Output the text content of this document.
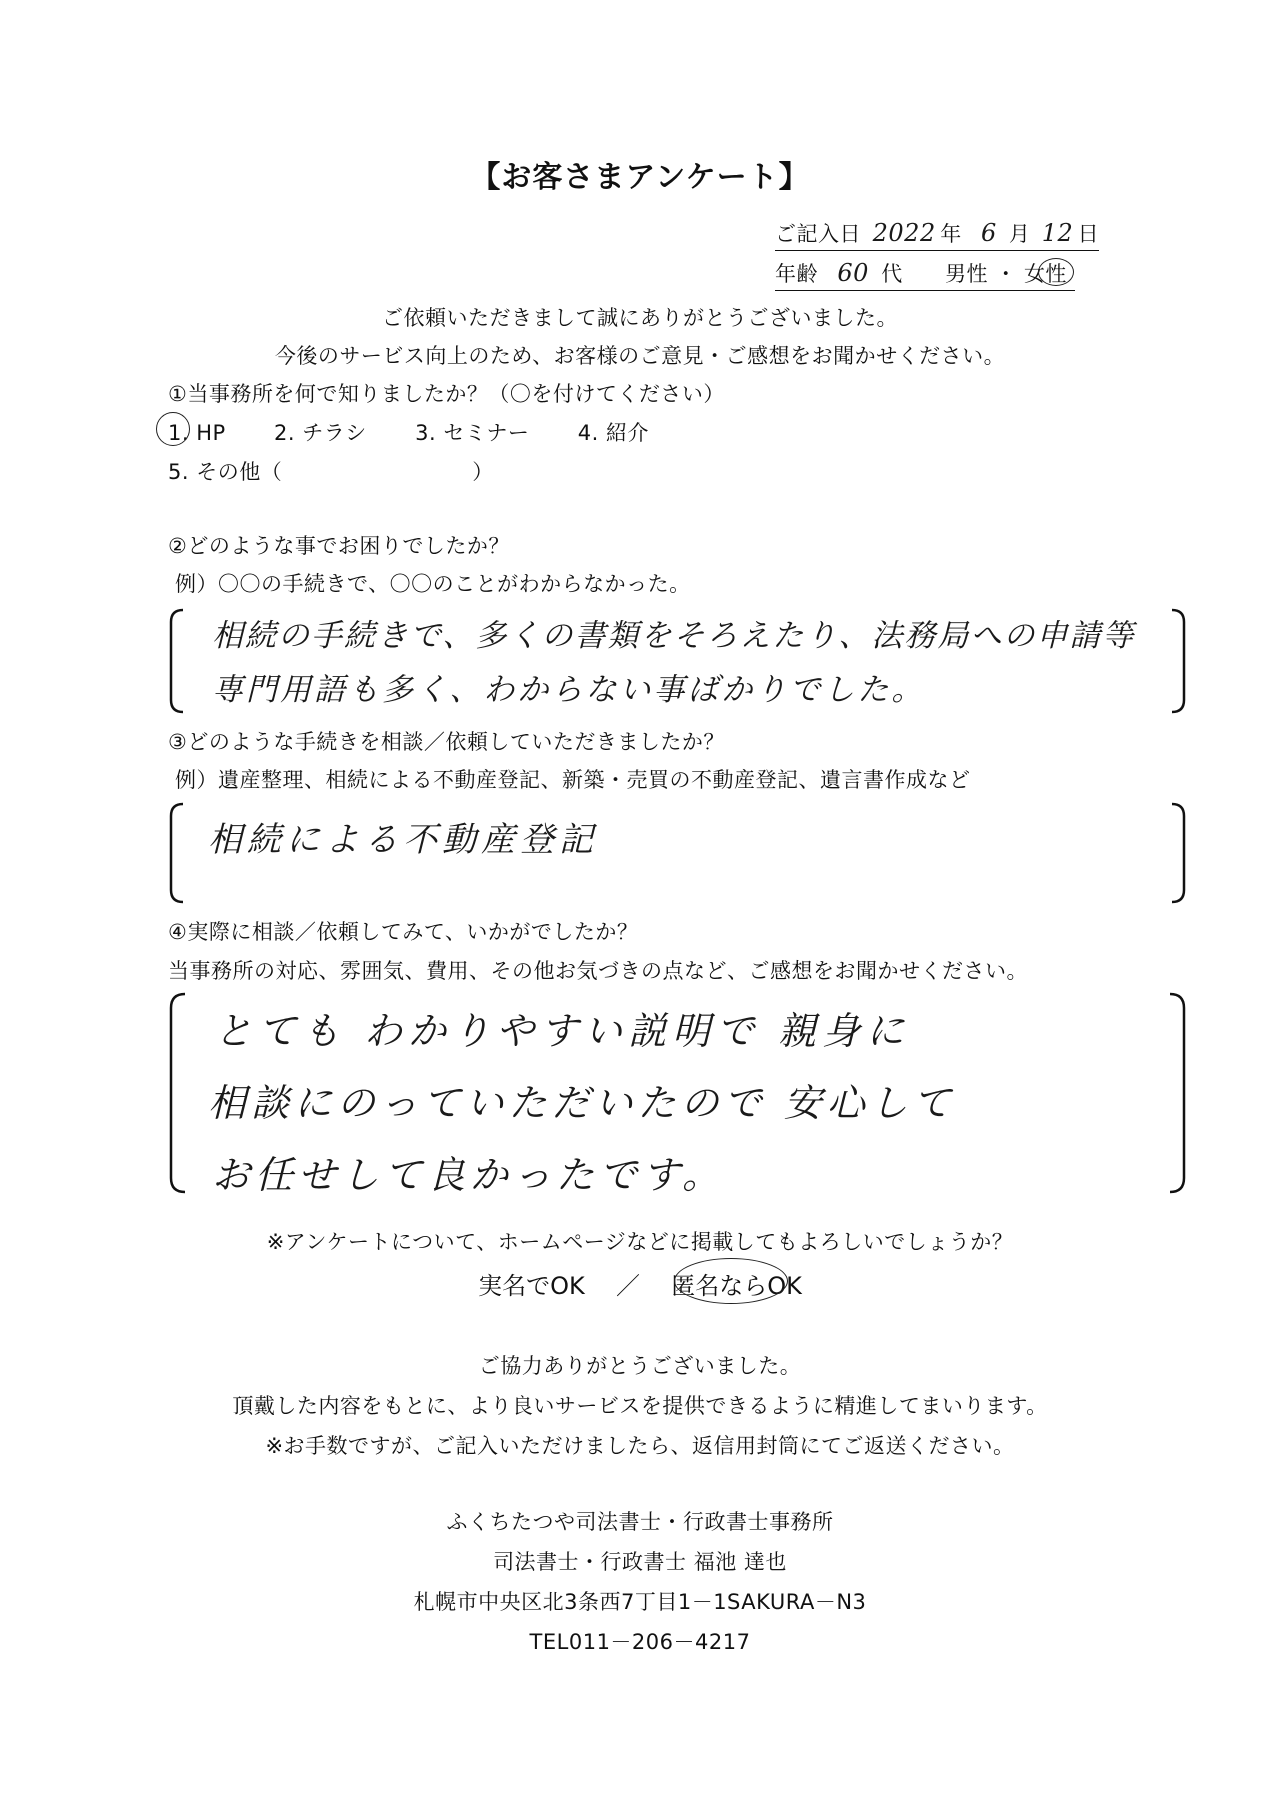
【お客さまアンケート】
ご記入日 2022 年 6 月 12 日
年齢 60 代 男性 ・ 女性
ご依頼いただきまして誠にありがとうございました。
今後のサービス向上のため、お客様のご意見・ご感想をお聞かせください。
①当事務所を何で知りましたか？（〇を付けてください）
1. HP 2. チラシ 3. セミナー 4. 紹介
5. その他（	）
②どのような事でお困りでしたか？
例）〇〇の手続きで、〇〇のことがわからなかった。
相続の手続きで、多くの書類をそろえたり、法務局への申請等
専門用語も多く、わからない事ばかりでした。
③どのような手続きを相談／依頼していただきましたか？
例）遺産整理、相続による不動産登記、新築・売買の不動産登記、遺言書作成など
相続による不動産登記
④実際に相談／依頼してみて、いかがでしたか？
当事務所の対応、雰囲気、費用、その他お気づきの点など、ご感想をお聞かせください。
とても わかりやすい説明で 親身に
相談にのっていただいたので 安心して
お任せして良かったです。
※アンケートについて、ホームページなどに掲載してもよろしいでしょうか？
実名でOK ／ 匿名ならOK
ご協力ありがとうございました。
頂戴した内容をもとに、より良いサービスを提供できるように精進してまいります。
※お手数ですが、ご記入いただけましたら、返信用封筒にてご返送ください。
ふくちたつや司法書士・行政書士事務所
司法書士・行政書士 福池 達也
札幌市中央区北3条西7丁目1－1SAKURA－N3
TEL011－206－4217
